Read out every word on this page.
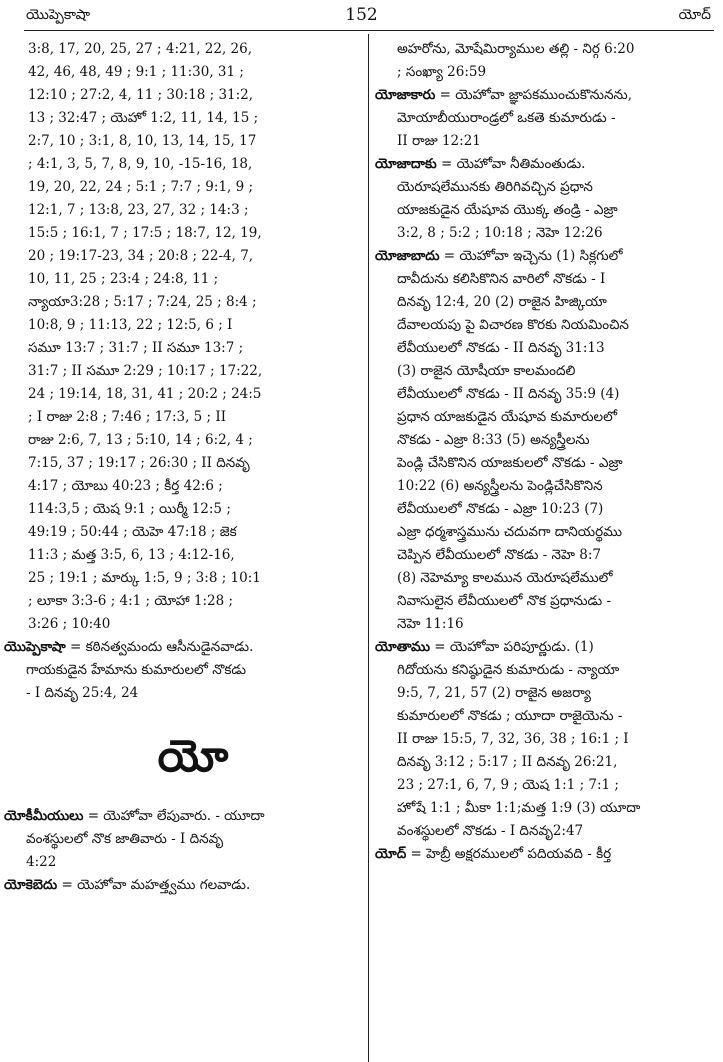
యొప్పెకాషా	152	యోద్
3:8, 17, 20, 25, 27 ; 4:21, 22, 26,
42, 46, 48, 49 ; 9:1 ; 11:30, 31 ;
12:10 ; 27:2, 4, 11 ; 30:18 ; 31:2,
13 ; 32:47 ; యెహో 1:2, 11, 14, 15 ;
2:7, 10 ; 3:1, 8, 10, 13, 14, 15, 17
; 4:1, 3, 5, 7, 8, 9, 10, -15-16, 18,
19, 20, 22, 24 ; 5:1 ; 7:7 ; 9:1, 9 ;
12:1, 7 ; 13:8, 23, 27, 32 ; 14:3 ;
15:5 ; 16:1, 7 ; 17:5 ; 18:7, 12, 19,
20 ; 19:17-23, 34 ; 20:8 ; 22-4, 7,
10, 11, 25 ; 23:4 ; 24:8, 11 ;
న్యాయా3:28 ; 5:17 ; 7:24, 25 ; 8:4 ;
10:8, 9 ; 11:13, 22 ; 12:5, 6 ; I
సమూ 13:7 ; 31:7 ; II సమూ 13:7 ;
31:7 ; II సమూ 2:29 ; 10:17 ; 17:22,
24 ; 19:14, 18, 31, 41 ; 20:2 ; 24:5
; I రాజు 2:8 ; 7:46 ; 17:3, 5 ; II
రాజు 2:6, 7, 13 ; 5:10, 14 ; 6:2, 4 ;
7:15, 37 ; 19:17 ; 26:30 ; II దినవృ
4:17 ; యోబు 40:23 ; కీర్త 42:6 ;
114:3,5 ; యెష 9:1 ; యిర్మీ 12:5 ;
49:19 ; 50:44 ; యెహె 47:18 ; జెక
11:3 ; మత్త 3:5, 6, 13 ; 4:12-16,
25 ; 19:1 ; మార్కు 1:5, 9 ; 3:8 ; 10:1
; లూకా 3:3-6 ; 4:1 ; యోహా 1:28 ;
3:26 ; 10:40
యొప్పెకాషా = కఠినత్వమందు ఆసీనుడైనవాడు.
గాయకుడైన హేమాను కుమారులలో నొకడు
- I దినవృ 25:4, 24
యో
యోకీమీయులు = యెహోవా లేపువారు. - యూదా
వంశస్థులలో నొక జాతివారు - I దినవృ
4:22
యోకెబెదు = యెహోవా మహత్త్వము గలవాడు.
అహరోను, మోషేమిర్యాముల తల్లి - నిర్గ 6:20
; సంఖ్యా 26:59
యోజాకారు = యెహోవా జ్ఞాపకముంచుకొనునను,
మోయాబీయురాండ్రలో ఒకతె కుమారుడు -
II రాజు 12:21
యోజాదాకు = యెహోవా నీతిమంతుడు.
యెరూషలేమునకు తిరిగివచ్చిన ప్రధాన
యాజకుడైన యేషూవ యొక్క తండ్రి - ఎజ్రా
3:2, 8 ; 5:2 ; 10:18 ; నెహె 12:26
యోజాబాదు = యెహోవా ఇచ్చెను (1) సిక్లగులో
దావీదును కలిసికొనిన వారిలో నొకడు - I
దినవృ 12:4, 20 (2) రాజైన హిజ్కియా
దేవాలయపు పై విచారణ కొరకు నియమించిన
లేవీయులలో నొకడు - II దినవృ 31:13
(3) రాజైన యోషీయా కాలమందలి
లేవీయులలో నొకడు - II దినవృ 35:9 (4)
ప్రధాన యాజకుడైన యేషూవ కుమారులలో
నొకడు - ఎజ్రా 8:33 (5) అన్యస్త్రీలను
పెండ్లి చేసికొనిన యాజకులలో నొకడు - ఎజ్రా
10:22 (6) అన్యస్త్రీలను పెండ్లిచేసికొనిన
లేవీయులలో నొకడు - ఎజ్రా 10:23 (7)
ఎజ్రా ధర్మశాస్త్రమును చదువగా దానియర్థము
చెప్పిన లేవీయులలో నొకడు - నెహె 8:7
(8) నెహెమ్యా కాలమున యెరూషలేములో
నివాసులైన లేవీయులలో నొక ప్రధానుడు -
నెహె 11:16
యోతాము = యెహోవా పరిపూర్ణుడు. (1)
గిదోయను కనిష్ఠుడైన కుమారుడు - న్యాయా
9:5, 7, 21, 57 (2) రాజైన అజర్యా
కుమారులలో నొకడు ; యూదా రాజైయెను -
II రాజు 15:5, 7, 32, 36, 38 ; 16:1 ; I
దినవృ 3:12 ; 5:17 ; II దినవృ 26:21,
23 ; 27:1, 6, 7, 9 ; యెష 1:1 ; 7:1 ;
హోషే 1:1 ; మీకా 1:1;మత్త 1:9 (3) యూదా
వంశస్థులలో నొకడు - I దినవృ2:47
యోద్ = హెబ్రీ అక్షరములలో పదియవది - కీర్త
